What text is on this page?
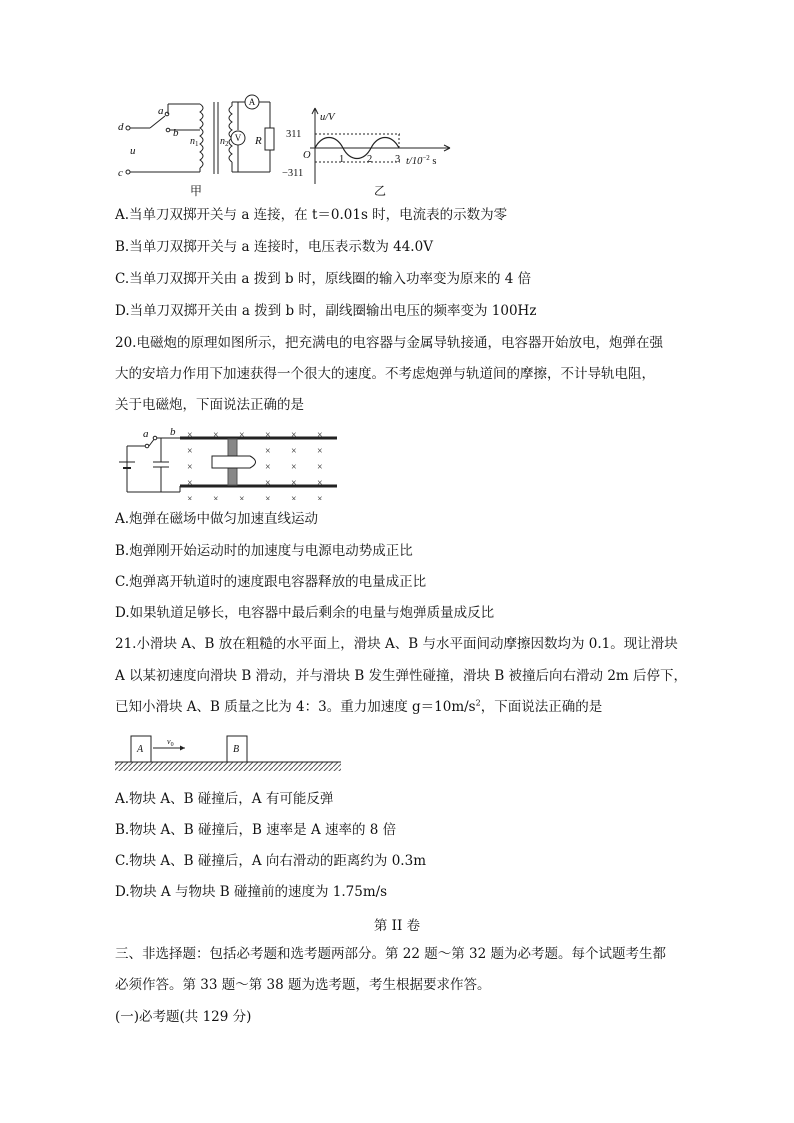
d
c
a
b
u
$n_1$ $n_2$ R
A
V
u/V
311
−311
O	1 2 3 $t/10^{-2}$ s
甲	乙
A.当单刀双掷开关与 a 连接，在 t＝0.01s 时，电流表的示数为零
B.当单刀双掷开关与 a 连接时，电压表示数为 44.0V
C.当单刀双掷开关由 a 拨到 b 时，原线圈的输入功率变为原来的 4 倍
D.当单刀双掷开关由 a 拨到 b 时，副线圈输出电压的频率变为 100Hz
20.电磁炮的原理如图所示，把充满电的电容器与金属导轨接通，电容器开始放电，炮弹在强
大的安培力作用下加速获得一个很大的速度。不考虑炮弹与轨道间的摩擦，不计导轨电阻，
关于电磁炮，下面说法正确的是
× × × × × ×
×	× × ×
×	× × ×
×	× × ×
× × × × × ×
a b
A.炮弹在磁场中做匀加速直线运动
B.炮弹刚开始运动时的加速度与电源电动势成正比
C.炮弹离开轨道时的速度跟电容器释放的电量成正比
D.如果轨道足够长，电容器中最后剩余的电量与炮弹质量成反比
21.小滑块 A、B 放在粗糙的水平面上，滑块 A、B 与水平面间动摩擦因数均为 0.1。现让滑块
A 以某初速度向滑块 B 滑动，并与滑块 B 发生弹性碰撞，滑块 B 被撞后向右滑动 2m 后停下，
已知小滑块 A、B 质量之比为 4：3。重力加速度 $g=10m/s^2$，下面说法正确的是
A	B
$v_0$
A.物块 A、B 碰撞后，A 有可能反弹
B.物块 A、B 碰撞后，B 速率是 A 速率的 8 倍
C.物块 A、B 碰撞后，A 向右滑动的距离约为 0.3m
D.物块 A 与物块 B 碰撞前的速度为 1.75m/s
第 II 卷
三、非选择题：包括必考题和选考题两部分。第 22 题～第 32 题为必考题。每个试题考生都
必须作答。第 33 题～第 38 题为选考题，考生根据要求作答。
(一)必考题(共 129 分)
